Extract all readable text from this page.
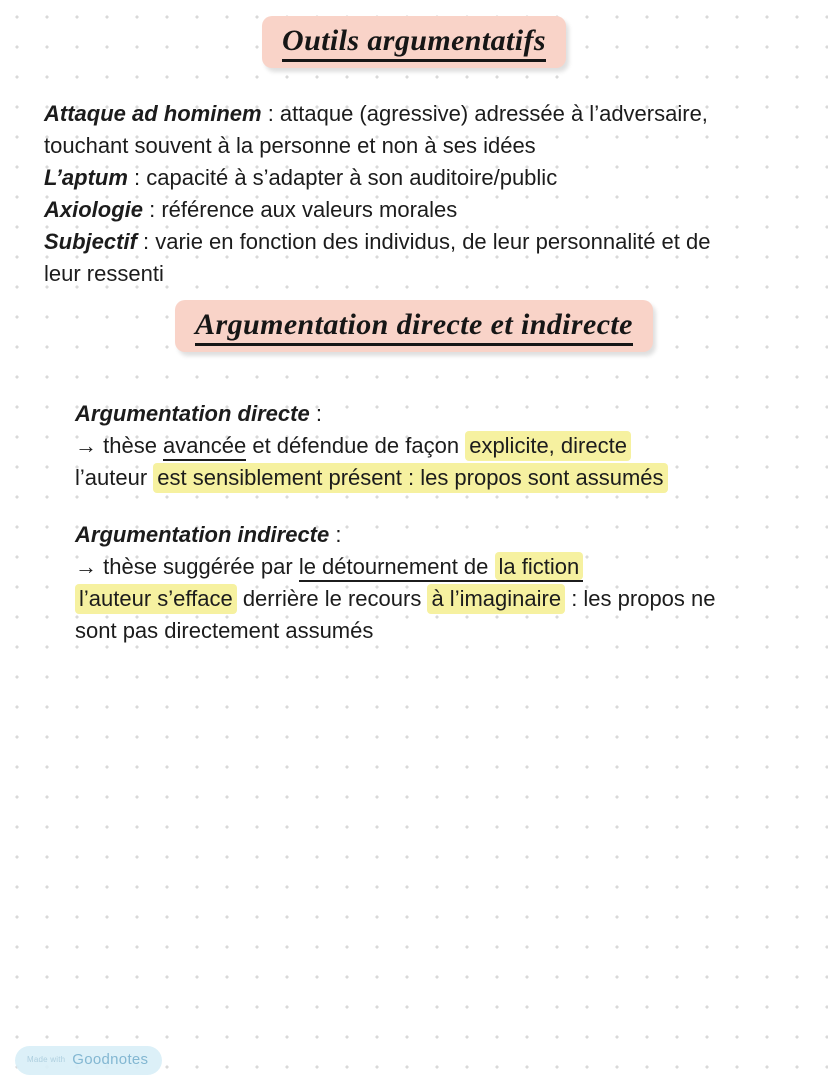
Outils argumentatifs
Attaque ad hominem : attaque (agressive) adressée à l’adversaire,
touchant souvent à la personne et non à ses idées
L’aptum : capacité à s’adapter à son auditoire/public
Axiologie : référence aux valeurs morales
Subjectif : varie en fonction des individus, de leur personnalité et de
leur ressenti
Argumentation directe et indirecte
Argumentation directe :
→ thèse avancée et défendue de façon explicite, directe
l’auteur est sensiblement présent : les propos sont assumés
Argumentation indirecte :
→ thèse suggérée par le détournement de la fiction
l’auteur s’efface derrière le recours à l’imaginaire : les propos ne
sont pas directement assumés
Made with Goodnotes
